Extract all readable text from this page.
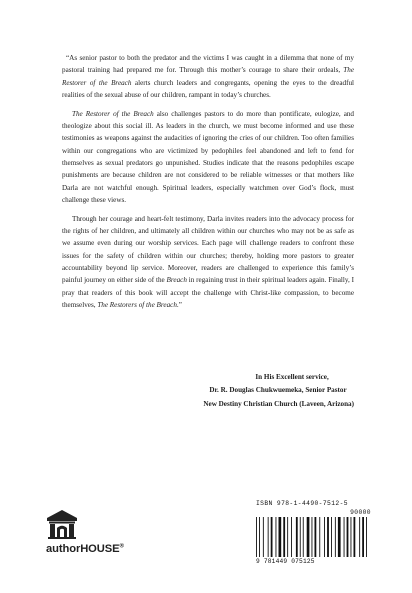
“As senior pastor to both the predator and the victims I was caught in a dilemma that none of my pastoral training had prepared me for. Through this mother’s courage to share their ordeals, The Restorer of the Breach alerts church leaders and congregants, opening the eyes to the dreadful realities of the sexual abuse of our children, rampant in today’s churches.

The Restorer of the Breach also challenges pastors to do more than pontificate, eulogize, and theologize about this social ill. As leaders in the church, we must become informed and use these testimonies as weapons against the audacities of ignoring the cries of our children. Too often families within our congregations who are victimized by pedophiles feel abandoned and left to fend for themselves as sexual predators go unpunished. Studies indicate that the reasons pedophiles escape punishments are because children are not considered to be reliable witnesses or that mothers like Darla are not watchful enough. Spiritual leaders, especially watchmen over God’s flock, must challenge these views.

Through her courage and heart-felt testimony, Darla invites readers into the advocacy process for the rights of her children, and ultimately all children within our churches who may not be as safe as we assume even during our worship services. Each page will challenge readers to confront these issues for the safety of children within our churches; thereby, holding more pastors to greater accountability beyond lip service. Moreover, readers are challenged to experience this family’s painful journey on either side of the Breach in regaining trust in their spiritual leaders again. Finally, I pray that readers of this book will accept the challenge with Christ-like compassion, to become themselves, The Restorers of the Breach.”

In His Excellent service,
Dr. R. Douglas Chukwuemeka, Senior Pastor
New Destiny Christian Church (Laveen, Arizona)
authorHOUSE®
ISBN 978-1-4490-7512-5
90000
9 781449 075125
